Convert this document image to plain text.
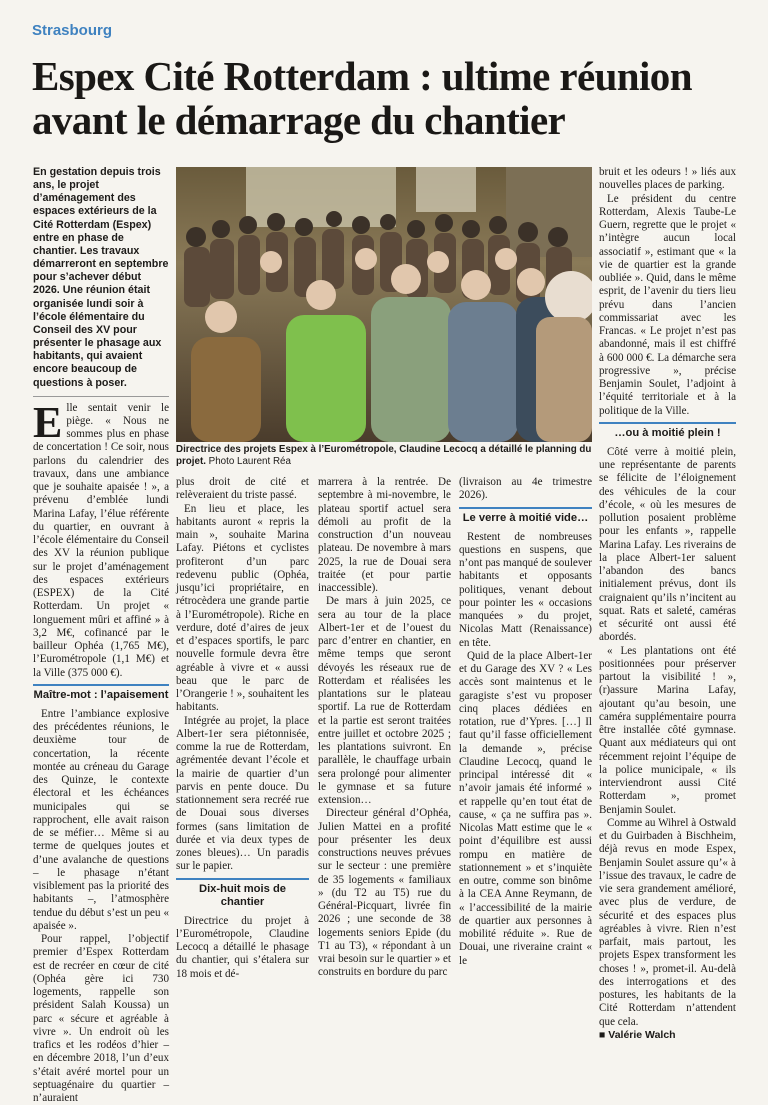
Strasbourg
Espex Cité Rotterdam : ultime réunion avant le démarrage du chantier

En gestation depuis trois ans, le projet d’aménagement des espaces extérieurs de la Cité Rotterdam (Espex) entre en phase de chantier. Les travaux démarreront en septembre pour s’achever début 2026. Une réunion était organisée lundi soir à l’école élémentaire du Conseil des XV pour présenter le phasage aux habitants, qui avaient encore beaucoup de questions à poser.

Elle sentait venir le piège. « Nous ne sommes plus en phase de concertation ! Ce soir, nous parlons du calendrier des travaux, dans une ambiance que je souhaite apaisée ! », a prévenu d’emblée lundi Marina Lafay, l’élue référente du quartier, en ouvrant à l’école élémentaire du Conseil des XV la réunion publique sur le projet d’aménagement des espaces extérieurs (ESPEX) de la Cité Rotterdam. Un projet « longuement mûri et affiné » à 3,2 M€, cofinancé par le bailleur Ophéa (1,765 M€), l’Eurométropole (1,1 M€) et la Ville (375 000 €).

Maître-mot : l’apaisement

Entre l’ambiance explosive des précédentes réunions, le deuxième tour de concertation, la récente montée au créneau du Garage des Quinze, le contexte électoral et les échéances municipales qui se rapprochent, elle avait raison de se méfier… Même si au terme de quelques joutes et d’une avalanche de questions – le phasage n’étant visiblement pas la priorité des habitants –, l’atmosphère tendue du début s’est un peu « apaisée ».

Pour rappel, l’objectif premier d’Espex Rotterdam est de recréer en cœur de cité (Ophéa gère ici 730 logements, rappelle son président Salah Koussa) un parc « sécure et agréable à vivre ». Un endroit où les trafics et les rodéos d’hier – en décembre 2018, l’un d’eux s’était avéré mortel pour un septuagénaire du quartier – n’auraient

Directrice des projets Espex à l’Eurométropole, Claudine Lecocq a détaillé le planning du projet. Photo Laurent Réa

plus droit de cité et relèveraient du triste passé.

En lieu et place, les habitants auront « repris la main », souhaite Marina Lafay. Piétons et cyclistes profiteront d’un parc redevenu public (Ophéa, jusqu’ici propriétaire, en rétrocèdera une grande partie à l’Eurométropole). Riche en verdure, doté d’aires de jeux et d’espaces sportifs, le parc nouvelle formule devra être agréable à vivre et « aussi beau que le parc de l’Orangerie ! », souhaitent les habitants.

Intégrée au projet, la place Albert-1er sera piétonnisée, comme la rue de Rotterdam, agrémentée devant l’école et la mairie de quartier d’un parvis en pente douce. Du stationnement sera recréé rue de Douai sous diverses formes (sans limitation de durée et via deux types de zones bleues)… Un paradis sur le papier.

Dix-huit mois de chantier

Directrice du projet à l’Eurométropole, Claudine Lecocq a détaillé le phasage du chantier, qui s’étalera sur 18 mois et dé-

marrera à la rentrée. De septembre à mi-novembre, le plateau sportif actuel sera démoli au profit de la construction d’un nouveau plateau. De novembre à mars 2025, la rue de Douai sera traitée (et pour partie inaccessible).

De mars à juin 2025, ce sera au tour de la place Albert-1er et de l’ouest du parc d’entrer en chantier, en même temps que seront dévoyés les réseaux rue de Rotterdam et réalisées les plantations sur le plateau sportif. La rue de Rotterdam et la partie est seront traitées entre juillet et octobre 2025 ; les plantations suivront. En parallèle, le chauffage urbain sera prolongé pour alimenter le gymnase et sa future extension…

Directeur général d’Ophéa, Julien Mattei en a profité pour présenter les deux constructions neuves prévues sur le secteur : une première de 35 logements « familiaux » (du T2 au T5) rue du Général-Picquart, livrée fin 2026 ; une seconde de 38 logements seniors Epide (du T1 au T3), « répondant à un vrai besoin sur le quartier » et construits en bordure du parc

(livraison au 4e trimestre 2026).

Le verre à moitié vide…

Restent de nombreuses questions en suspens, que n’ont pas manqué de soulever habitants et opposants politiques, venant debout pour pointer les « occasions manquées » du projet, Nicolas Matt (Renaissance) en tête.

Quid de la place Albert-1er et du Garage des XV ? « Les accès sont maintenus et le garagiste s’est vu proposer cinq places dédiées en rotation, rue d’Ypres. […] Il faut qu’il fasse officiellement la demande », précise Claudine Lecocq, quand le principal intéressé dit « n’avoir jamais été informé » et rappelle qu’en tout état de cause, « ça ne suffira pas ». Nicolas Matt estime que le « point d’équilibre est aussi rompu en matière de stationnement » et s’inquiète en outre, comme son binôme à la CEA Anne Reymann, de « l’accessibilité de la mairie de quartier aux personnes à mobilité réduite ». Rue de Douai, une riveraine craint « le

bruit et les odeurs ! » liés aux nouvelles places de parking.

Le président du centre Rotterdam, Alexis Taube-Le Guern, regrette que le projet « n’intègre aucun local associatif », estimant que « la vie de quartier est la grande oubliée ». Quid, dans le même esprit, de l’avenir du tiers lieu prévu dans l’ancien commissariat avec les Francas. « Le projet n’est pas abandonné, mais il est chiffré à 600 000 €. La démarche sera progressive », précise Benjamin Soulet, l’adjoint à l’équité territoriale et à la politique de la Ville.

…ou à moitié plein !

Côté verre à moitié plein, une représentante de parents se félicite de l’éloignement des véhicules de la cour d’école, « où les mesures de pollution posaient problème pour les enfants », rappelle Marina Lafay. Les riverains de la place Albert-1er saluent l’abandon des bancs initialement prévus, dont ils craignaient qu’ils n’incitent au squat. Rats et saleté, caméras et sécurité ont aussi été abordés.

« Les plantations ont été positionnées pour préserver partout la visibilité ! », (r)assure Marina Lafay, ajoutant qu’au besoin, une caméra supplémentaire pourra être installée côté gymnase. Quant aux médiateurs qui ont récemment rejoint l’équipe de la police municipale, « ils interviendront aussi Cité Rotterdam », promet Benjamin Soulet.

Comme au Wihrel à Ostwald et du Guirbaden à Bischheim, déjà revus en mode Espex, Benjamin Soulet assure qu’« à l’issue des travaux, le cadre de vie sera grandement amélioré, avec plus de verdure, de sécurité et des espaces plus agréables à vivre. Rien n’est parfait, mais partout, les projets Espex transforment les choses ! », promet-il. Au-delà des interrogations et des postures, les habitants de la Cité Rotterdam n’attendent que cela.

■ Valérie Walch
